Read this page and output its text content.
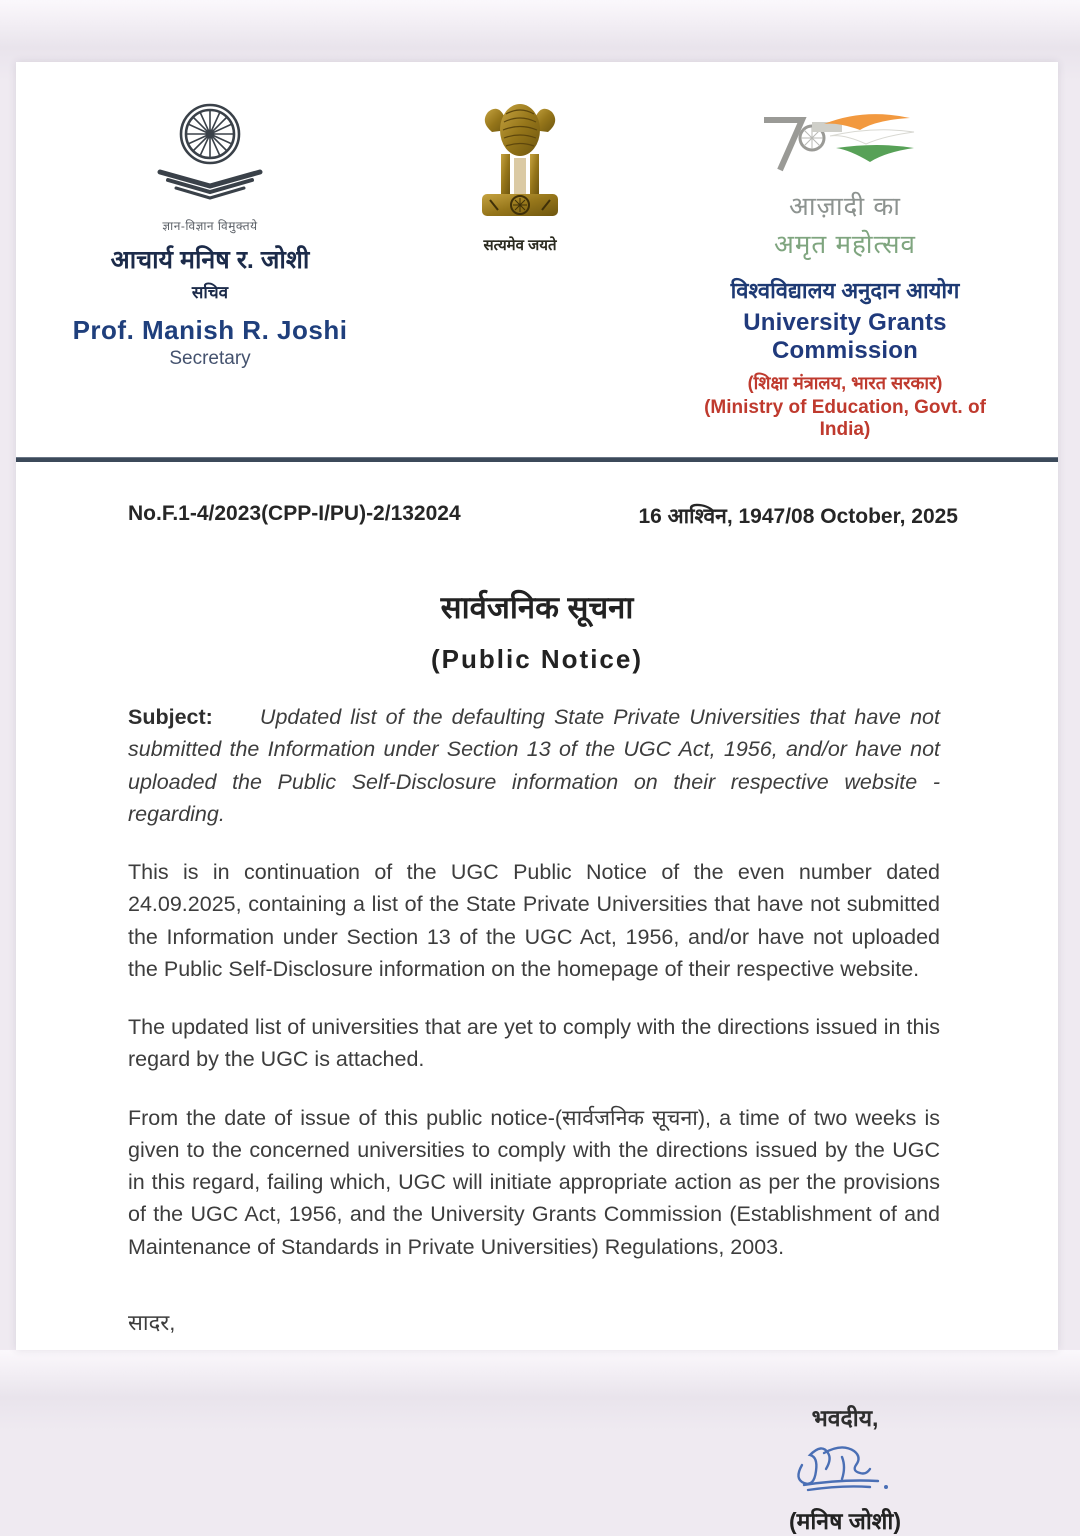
ज्ञान-विज्ञान विमुक्तये
आचार्य मनिष र. जोशी
सचिव
Prof. Manish R. Joshi
Secretary
सत्यमेव जयते
आज़ादी का
अमृत महोत्सव
विश्वविद्यालय अनुदान आयोग
University Grants Commission
(शिक्षा मंत्रालय, भारत सरकार)
(Ministry of Education, Govt. of India)
No.F.1-4/2023(CPP-I/PU)-2/132024	16 आश्विन, 1947/08 October, 2025
सार्वजनिक सूचना
(Public Notice)

Subject: Updated list of the defaulting State Private Universities that have not submitted the Information under Section 13 of the UGC Act, 1956, and/or have not uploaded the Public Self-Disclosure information on their respective website - regarding.

This is in continuation of the UGC Public Notice of the even number dated 24.09.2025, containing a list of the State Private Universities that have not submitted the Information under Section 13 of the UGC Act, 1956, and/or have not uploaded the Public Self-Disclosure information on the homepage of their respective website.

The updated list of universities that are yet to comply with the directions issued in this regard by the UGC is attached.

From the date of issue of this public notice-(सार्वजनिक सूचना), a time of two weeks is given to the concerned universities to comply with the directions issued by the UGC in this regard, failing which, UGC will initiate appropriate action as per the provisions of the UGC Act, 1956, and the University Grants Commission (Establishment of and Maintenance of Standards in Private Universities) Regulations, 2003.

सादर,
भवदीय,
(मनिष जोशी)
